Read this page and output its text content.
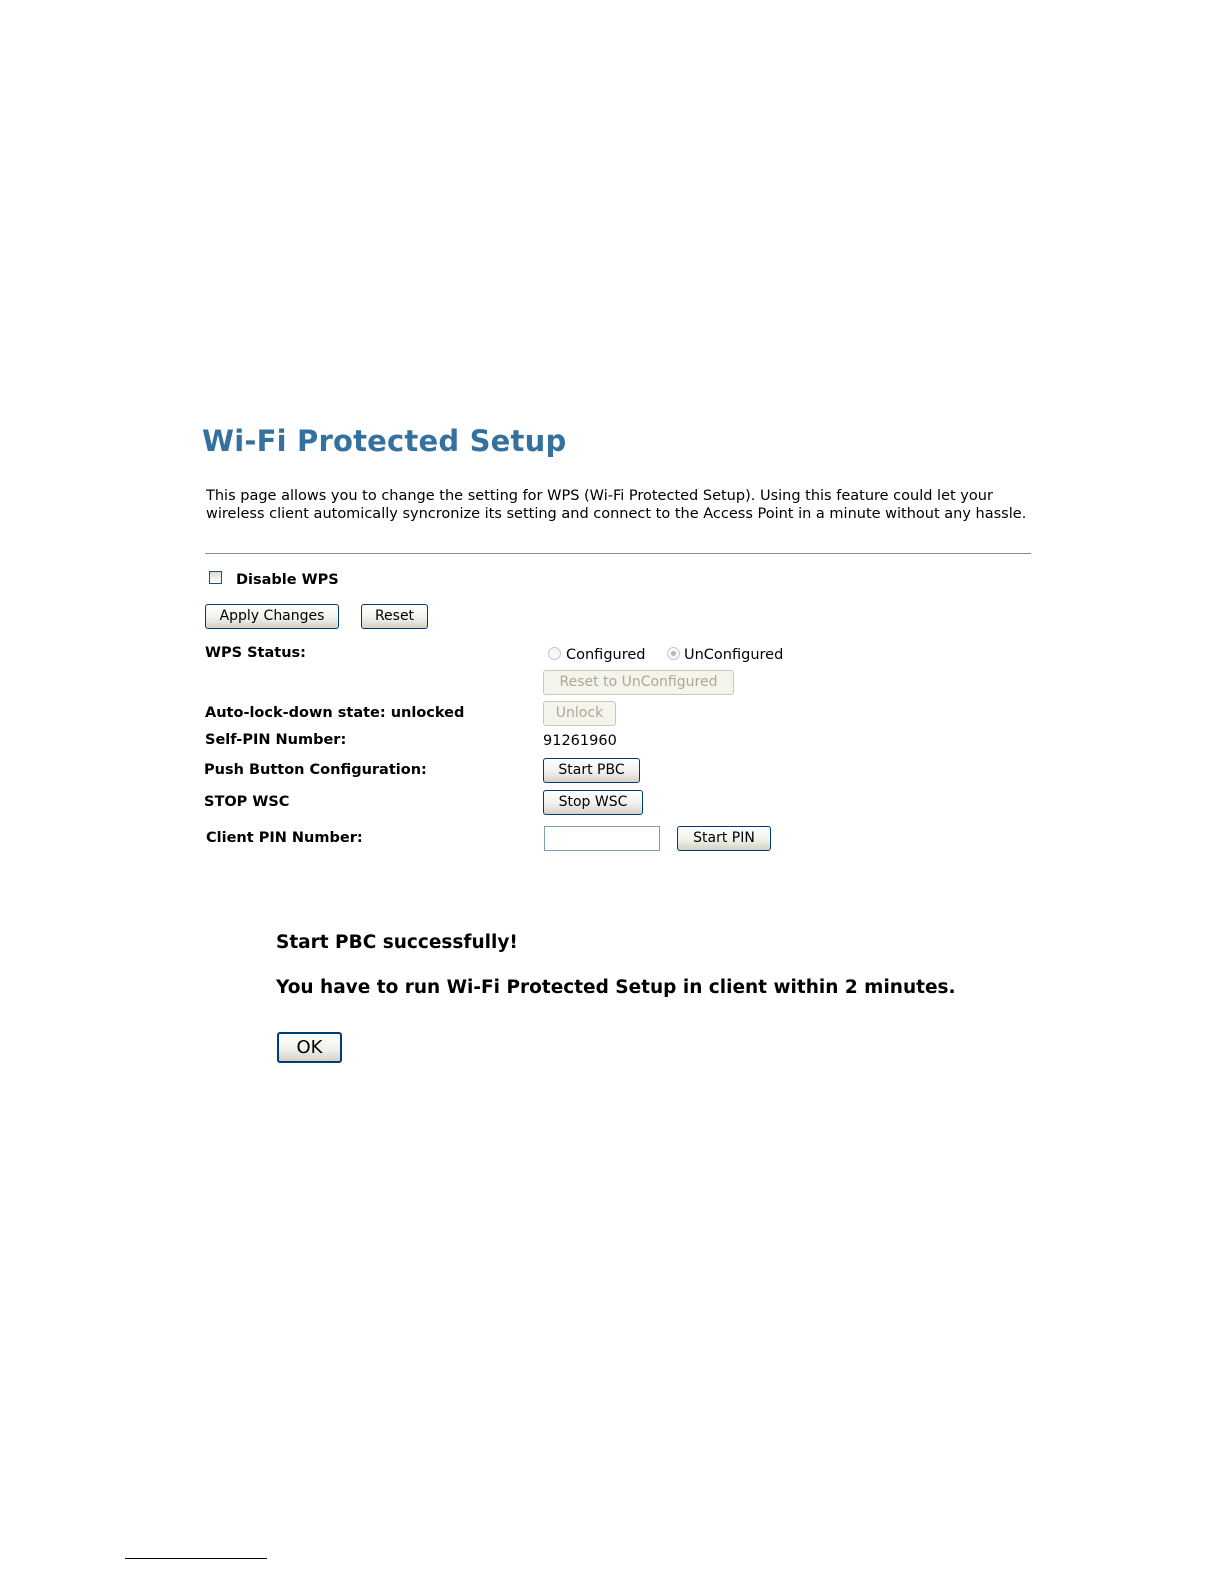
Wi-Fi Protected Setup
This page allows you to change the setting for WPS (Wi-Fi Protected Setup). Using this feature could let your wireless client automically syncronize its setting and connect to the Access Point in a minute without any hassle.
Disable WPS
Apply Changes	Reset
WPS Status:	Configured	UnConfigured
Reset to UnConfigured
Auto-lock-down state: unlocked	Unlock
Self-PIN Number:	91261960
Push Button Configuration:	Start PBC
STOP WSC	Stop WSC
Client PIN Number:	Start PIN
Start PBC successfully!
You have to run Wi-Fi Protected Setup in client within 2 minutes.
OK
